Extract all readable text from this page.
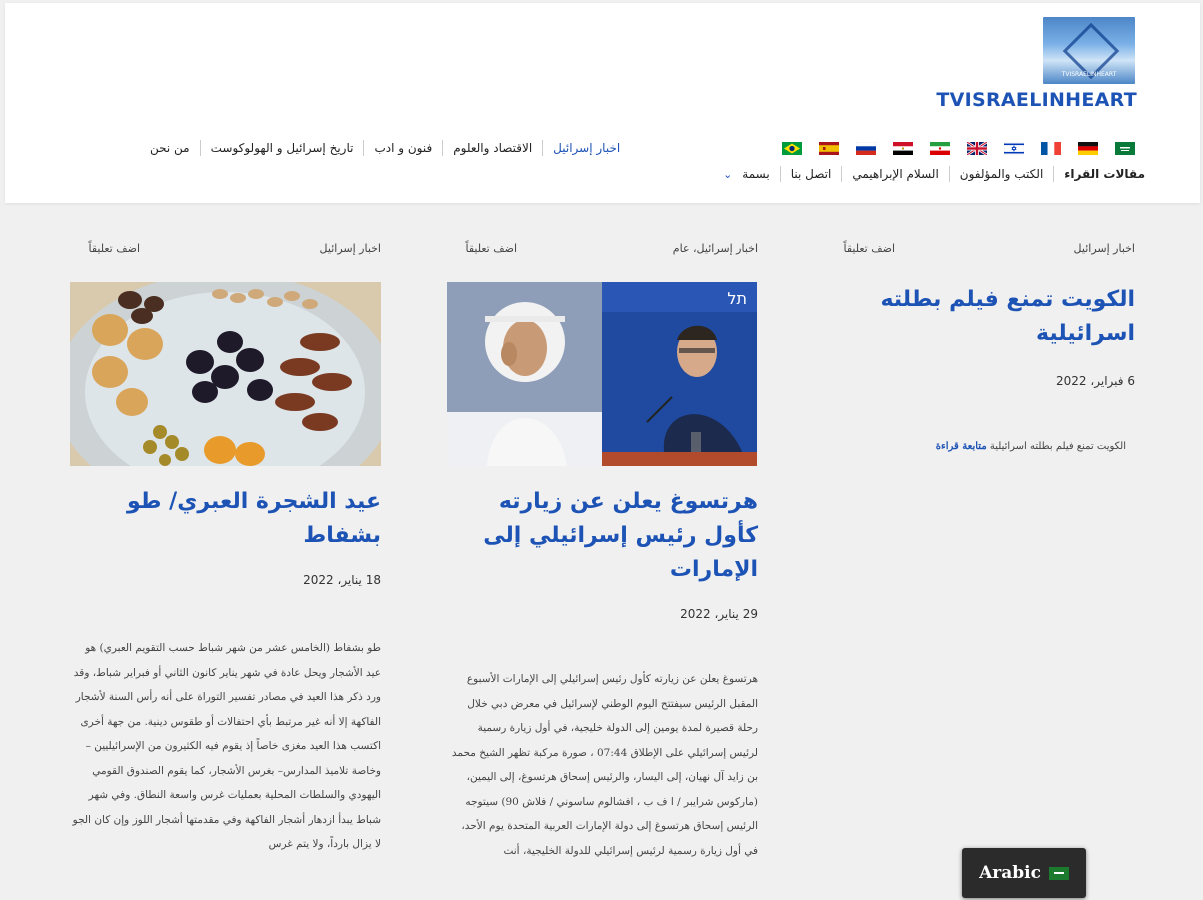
TVISRAELINHEART
TVISRAELINHEART
اخبار إسرائيل
الاقتصاد والعلوم
فنون و ادب
تاريخ إسرائيل و الهولوكوست
من نحن
مقالات القراء
الكتب والمؤلفون
السلام الإبراهيمي
اتصل بنا
بسمة
⌄
اخبار إسرائيل
اضف تعليقاً
الكويت تمنع فيلم بطلته اسرائيلية
6 فبراير، 2022
الكويت تمنع فيلم بطلته اسرائيلية متابعة قراءة
اخبار إسرائيل، عام
اضف تعليقاً
תל
هرتسوغ يعلن عن زيارته كأول رئيس إسرائيلي إلى الإمارات
29 يناير، 2022
هرتسوغ يعلن عن زيارته كأول رئيس إسرائيلي إلى الإمارات الأسبوع المقبل الرئيس سيفتتح اليوم الوطني لإسرائيل في معرض دبي خلال رحلة قصيرة لمدة يومين إلى الدولة خليجية، في أول زيارة رسمية لرئيس إسرائيلي على الإطلاق 07:44 ، صورة مركبة تظهر الشيخ محمد بن زايد آل نهيان، إلى اليسار، والرئيس إسحاق هرتسوغ، إلى اليمين، (ماركوس شرايبر / ا ف ب ، افشالوم ساسوني / فلاش 90) سيتوجه الرئيس إسحاق هرتسوغ إلى دولة الإمارات العربية المتحدة يوم الأحد، في أول زيارة رسمية لرئيس إسرائيلي للدولة الخليجية، أنت
اخبار إسرائيل
اضف تعليقاً
عيد الشجرة العبري/ طو بشفاط
18 يناير، 2022
طو بشفاط (الخامس عشر من شهر شباط حسب التقويم العبري) هو عيد الأشجار ويحل عادة في شهر يناير كانون الثاني أو فبراير شباط، وقد ورد ذكر هذا العيد في مصادر تفسير التوراة على أنه رأس السنة لأشجار الفاكهة إلا أنه غير مرتبط بأي احتفالات أو طقوس دينية. من جهة أخرى اكتسب هذا العيد مغزى خاصاً إذ يقوم فيه الكثيرون من الإسرائيليين –وخاصة تلاميذ المدارس– بغرس الأشجار، كما يقوم الصندوق القومي اليهودي والسلطات المحلية بعمليات غرس واسعة النطاق. وفي شهر شباط يبدأ ازدهار أشجار الفاكهة وفي مقدمتها أشجار اللوز وإن كان الجو لا يزال بارداً، ولا يتم غرس
Arabic
